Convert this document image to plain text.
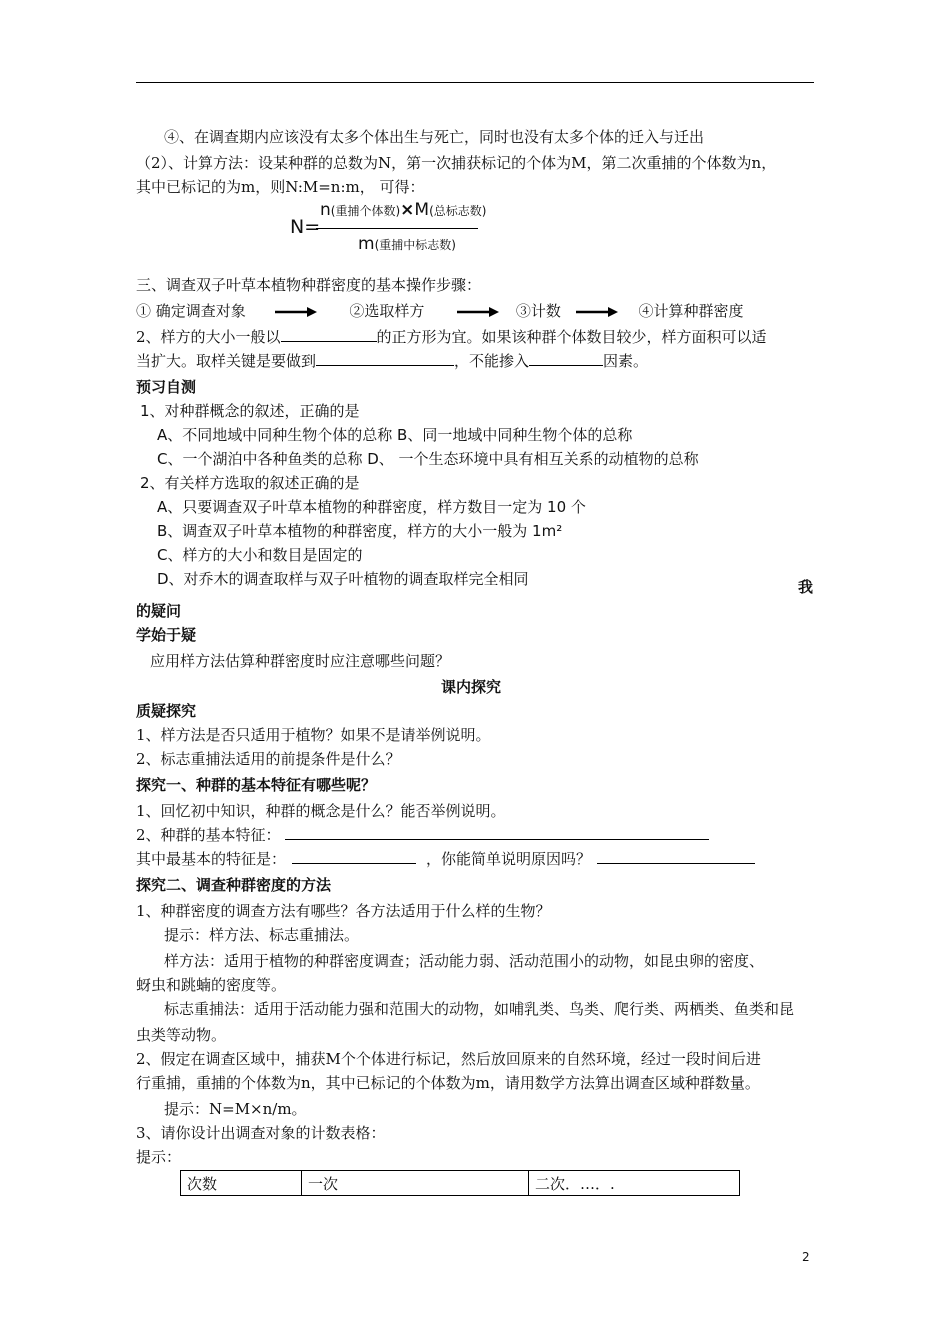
④、在调查期内应该没有太多个体出生与死亡，同时也没有太多个体的迁入与迁出
（2）、计算方法：设某种群的总数为N，第一次捕获标记的个体为M，第二次重捕的个体数为n，
其中已标记的为m，则N:M=n:m， 可得：
N=
n(重捕个体数)×M(总标志数)
m(重捕中标志数)
三、调查双子叶草本植物种群密度的基本操作步骤：
① 确定调查对象	②选取样方	③计数	④计算种群密度
2、样方的大小一般以	的正方形为宜。如果该种群个体数目较少，样方面积可以适
当扩大。取样关键是要做到	，不能掺入	因素。
预习自测
1、对种群概念的叙述，正确的是
A、不同地域中同种生物个体的总称 B、同一地域中同种生物个体的总称
C、一个湖泊中各种鱼类的总称 D、 一个生态环境中具有相互关系的动植物的总称
2、有关样方选取的叙述正确的是
A、只要调查双子叶草本植物的种群密度，样方数目一定为 10 个
B、调查双子叶草本植物的种群密度，样方的大小一般为 1m²
C、样方的大小和数目是固定的
D、对乔木的调查取样与双子叶植物的调查取样完全相同	我
的疑问
学始于疑
应用样方法估算种群密度时应注意哪些问题？
课内探究
质疑探究
1、样方法是否只适用于植物？如果不是请举例说明。
2、标志重捕法适用的前提条件是什么？
探究一、种群的基本特征有哪些呢？
1、回忆初中知识，种群的概念是什么？能否举例说明。
2、种群的基本特征：
其中最基本的特征是：	，你能简单说明原因吗？
探究二、调查种群密度的方法
1、种群密度的调查方法有哪些？各方法适用于什么样的生物？
提示：样方法、标志重捕法。
样方法：适用于植物的种群密度调查；活动能力弱、活动范围小的动物，如昆虫卵的密度、
蚜虫和跳蝻的密度等。
标志重捕法：适用于活动能力强和范围大的动物，如哺乳类、鸟类、爬行类、两栖类、鱼类和昆
虫类等动物。
2、假定在调查区域中，捕获M个个体进行标记，然后放回原来的自然环境，经过一段时间后进
行重捕，重捕的个体数为n，其中已标记的个体数为m，请用数学方法算出调查区域种群数量。
提示：N=M×n/m。
3、请你设计出调查对象的计数表格：
提示：
次数	一次	二次．…．.
2
